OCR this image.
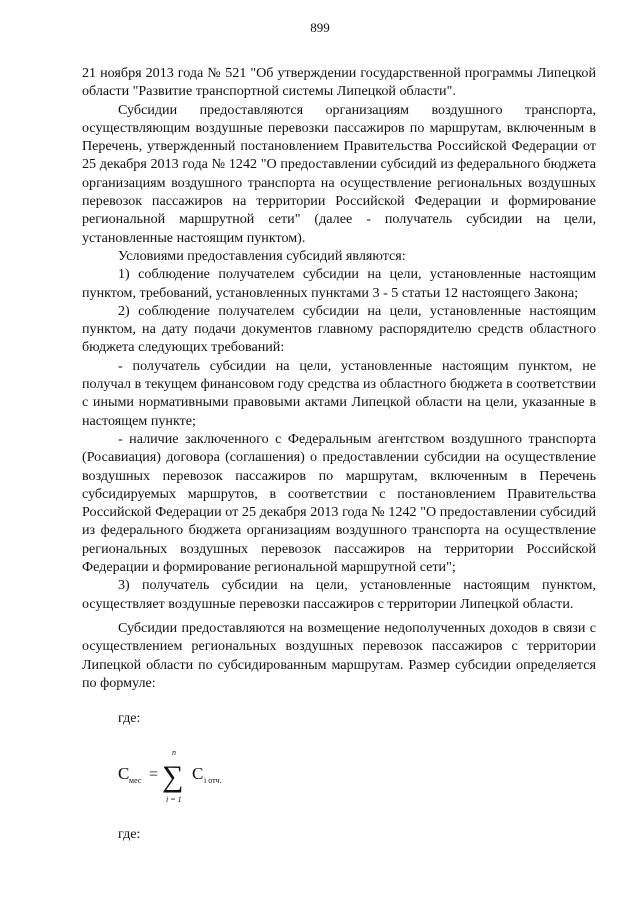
899

21 ноября 2013 года № 521 "Об утверждении государственной программы Липецкой области "Развитие транспортной системы Липецкой области".

Субсидии предоставляются организациям воздушного транспорта, осуществляющим воздушные перевозки пассажиров по маршрутам, включенным в Перечень, утвержденный постановлением Правительства Российской Федерации от 25 декабря 2013 года № 1242 "О предоставлении субсидий из федерального бюджета организациям воздушного транспорта на осуществление региональных воздушных перевозок пассажиров на территории Российской Федерации и формирование региональной маршрутной сети" (далее - получатель субсидии на цели, установленные настоящим пунктом).

Условиями предоставления субсидий являются:

1) соблюдение получателем субсидии на цели, установленные настоящим пунктом, требований, установленных пунктами 3 - 5 статьи 12 настоящего Закона;

2) соблюдение получателем субсидии на цели, установленные настоящим пунктом, на дату подачи документов главному распорядителю средств областного бюджета следующих требований:

- получатель субсидии на цели, установленные настоящим пунктом, не получал в текущем финансовом году средства из областного бюджета в соответствии с иными нормативными правовыми актами Липецкой области на цели, указанные в настоящем пункте;

- наличие заключенного с Федеральным агентством воздушного транспорта (Росавиация) договора (соглашения) о предоставлении субсидии на осуществление воздушных перевозок пассажиров по маршрутам, включенным в Перечень субсидируемых маршрутов, в соответствии с постановлением Правительства Российской Федерации от 25 декабря 2013 года № 1242 "О предоставлении субсидий из федерального бюджета организациям воздушного транспорта на осуществление региональных воздушных перевозок пассажиров на территории Российской Федерации и формирование региональной маршрутной сети";

3) получатель субсидии на цели, установленные настоящим пунктом, осуществляет воздушные перевозки пассажиров с территории Липецкой области.

Субсидии предоставляются на возмещение недополученных доходов в связи с осуществлением региональных воздушных перевозок пассажиров с территории Липецкой области по субсидированным маршрутам. Размер субсидии определяется по формуле:

где:
С мес =
n
∑
i = 1
С i отч.
где:
